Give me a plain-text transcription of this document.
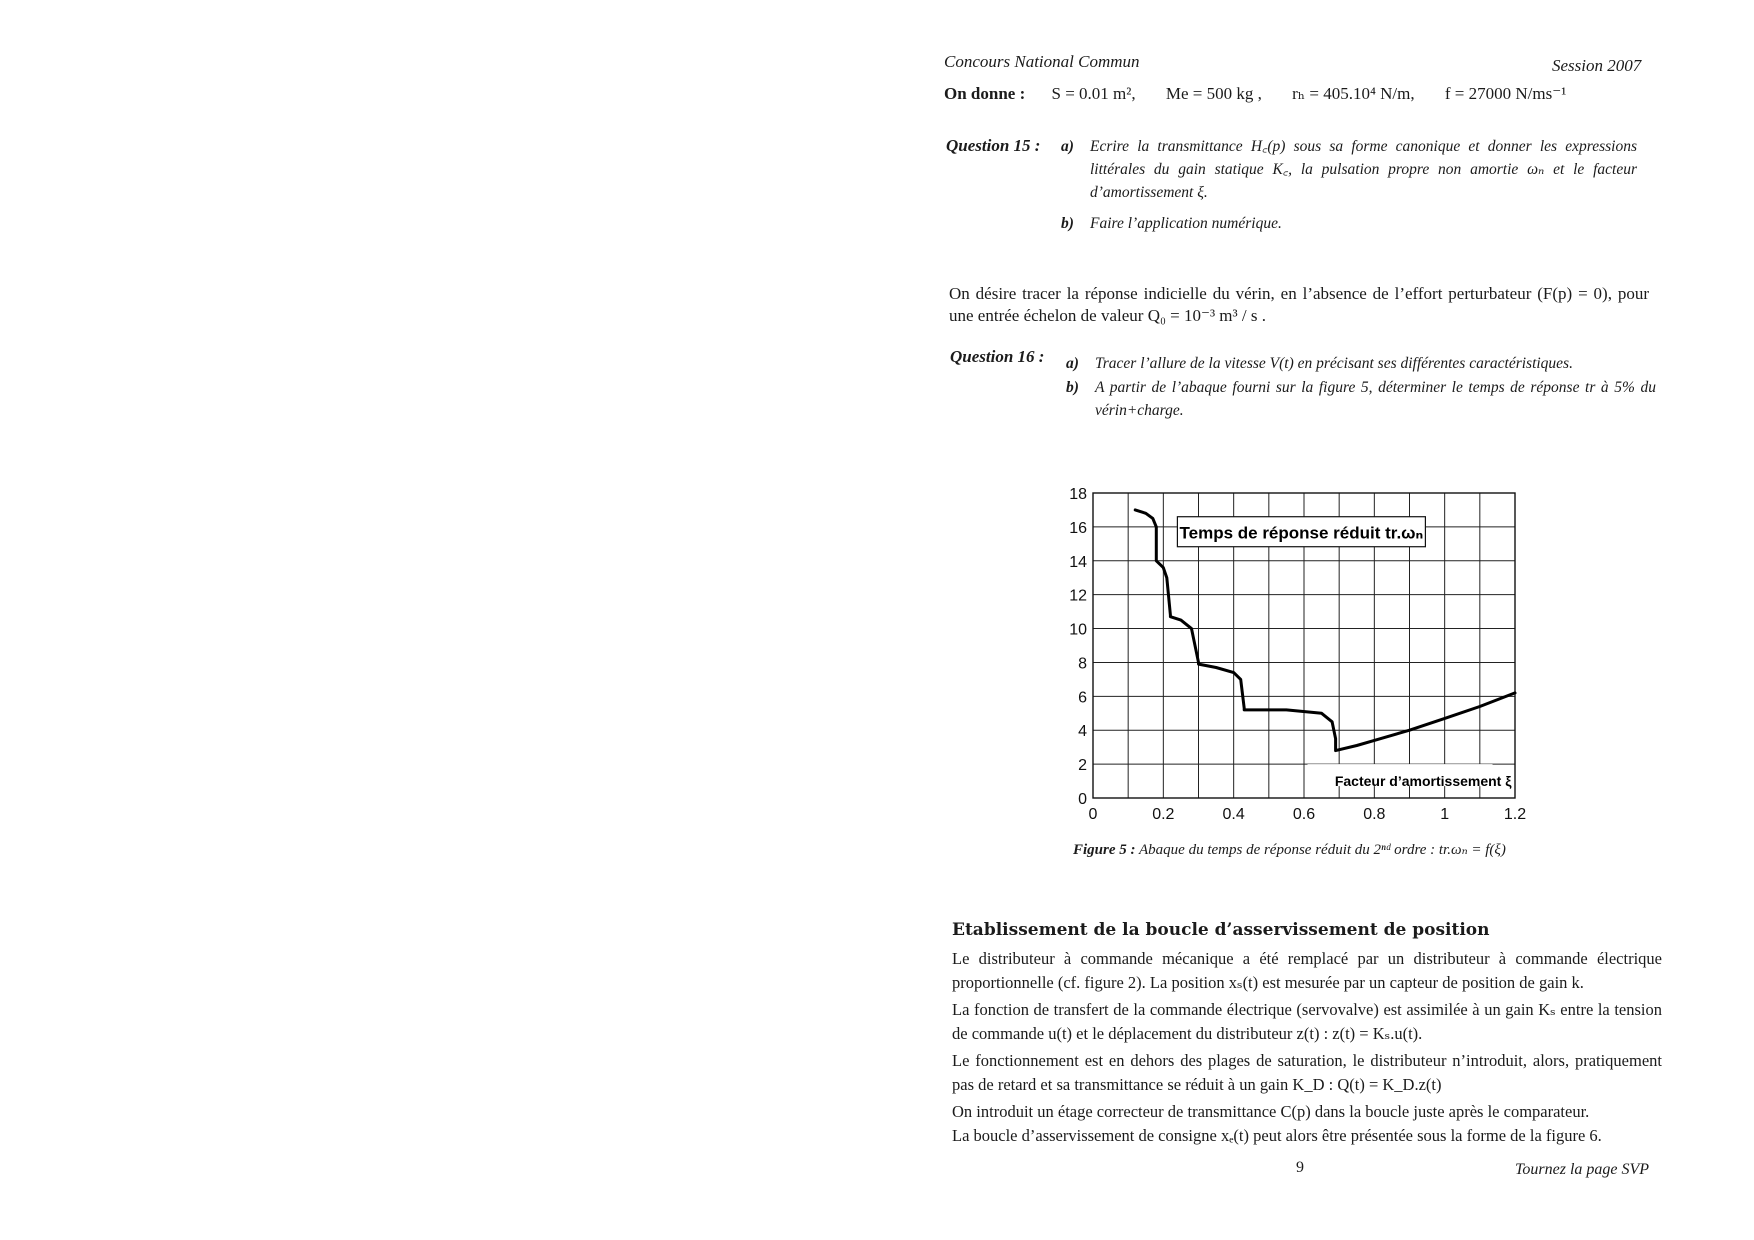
Concours National Commun	Session 2007
On donne : S = 0.01 m², Me = 500 kg , rₕ = 405.10⁴ N/m, f = 27000 N/ms⁻¹
Question 15 : a)	Ecrire la transmittance H꜀(p) sous sa forme canonique et donner les expressions littérales du gain statique K꜀, la pulsation propre non amortie ωₙ et le facteur d’amortissement ξ.
b)	Faire l’application numérique.
On désire tracer la réponse indicielle du vérin, en l’absence de l’effort perturbateur (F(p) = 0), pour une entrée échelon de valeur Q₀ = 10⁻³ m³ / s .
Question 16 : a)	Tracer l’allure de la vitesse V(t) en précisant ses différentes caractéristiques.
b)	A partir de l’abaque fourni sur la figure 5, déterminer le temps de réponse tr à 5% du vérin+charge.
0
2
4
6
8
10
12
14
16
18
0	0.2	0.4	0.6	0.8	1	1.2
Temps de réponse réduit tr.ωₙ
Facteur d’amortissement ξ
Figure 5 : Abaque du temps de réponse réduit du 2ⁿᵈ ordre : tr.ωₙ = f(ξ)
Etablissement de la boucle d’asservissement de position
Le distributeur à commande mécanique a été remplacé par un distributeur à commande électrique proportionnelle (cf. figure 2). La position xₛ(t) est mesurée par un capteur de position de gain k.
La fonction de transfert de la commande électrique (servovalve) est assimilée à un gain Kₛ entre la tension de commande u(t) et le déplacement du distributeur z(t) : z(t) = Kₛ.u(t).
Le fonctionnement est en dehors des plages de saturation, le distributeur n’introduit, alors, pratiquement pas de retard et sa transmittance se réduit à un gain K_D : Q(t) = K_D.z(t)
On introduit un étage correcteur de transmittance C(p) dans la boucle juste après le comparateur.
La boucle d’asservissement de consigne xₑ(t) peut alors être présentée sous la forme de la figure 6.
9	Tournez la page SVP
